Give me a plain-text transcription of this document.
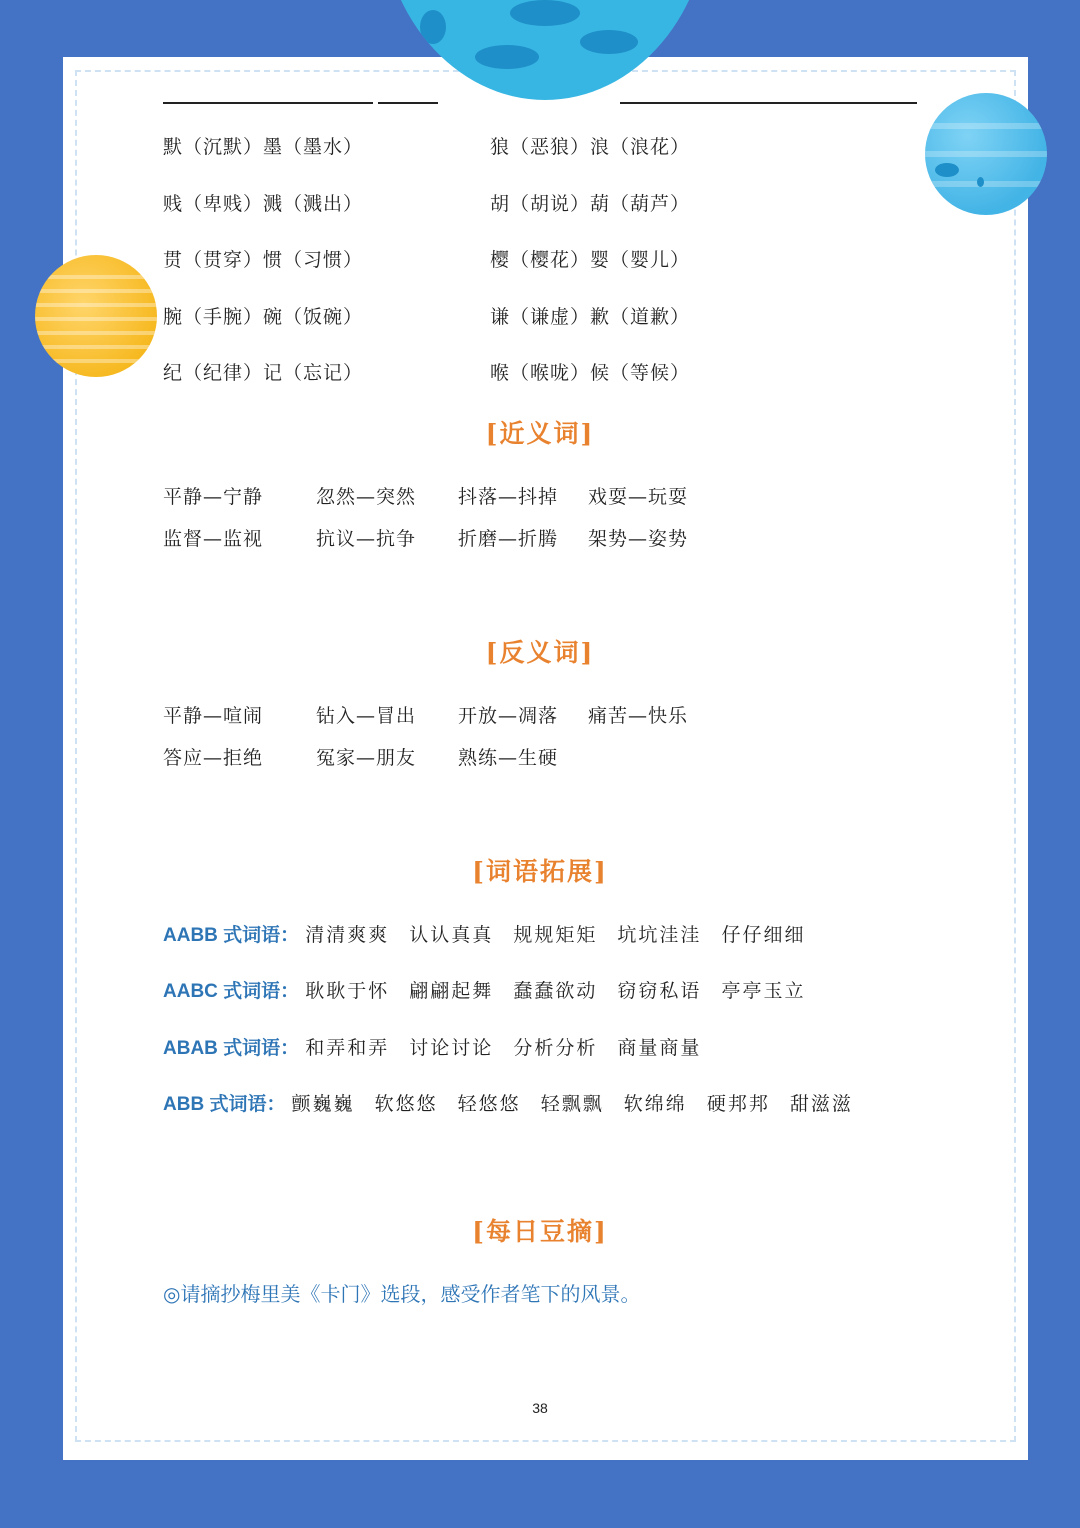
默（沉默）墨（墨水）	狼（恶狼）浪（浪花）
贱（卑贱）溅（溅出）	胡（胡说）葫（葫芦）
贯（贯穿）惯（习惯）	樱（樱花）婴（婴儿）
腕（手腕）碗（饭碗）	谦（谦虚）歉（道歉）
纪（纪律）记（忘记）	喉（喉咙）候（等候）
[近义词]
平静—宁静	忽然—突然 抖落—抖掉 戏耍—玩耍
监督—监视	抗议—抗争 折磨—折腾 架势—姿势
[反义词]
平静—喧闹	钻入—冒出 开放—凋落 痛苦—快乐
答应—拒绝	冤家—朋友 熟练—生硬
[词语拓展]
AABB 式词语： 清清爽爽 认认真真 规规矩矩 坑坑洼洼 仔仔细细
AABC 式词语： 耿耿于怀 翩翩起舞 蠢蠢欲动 窃窃私语 亭亭玉立
ABAB 式词语： 和弄和弄 讨论讨论 分析分析 商量商量
ABB 式词语： 颤巍巍 软悠悠 轻悠悠 轻飘飘 软绵绵 硬邦邦 甜滋滋
[每日豆摘]
◎请摘抄梅里美《卡门》选段，感受作者笔下的风景。
38
